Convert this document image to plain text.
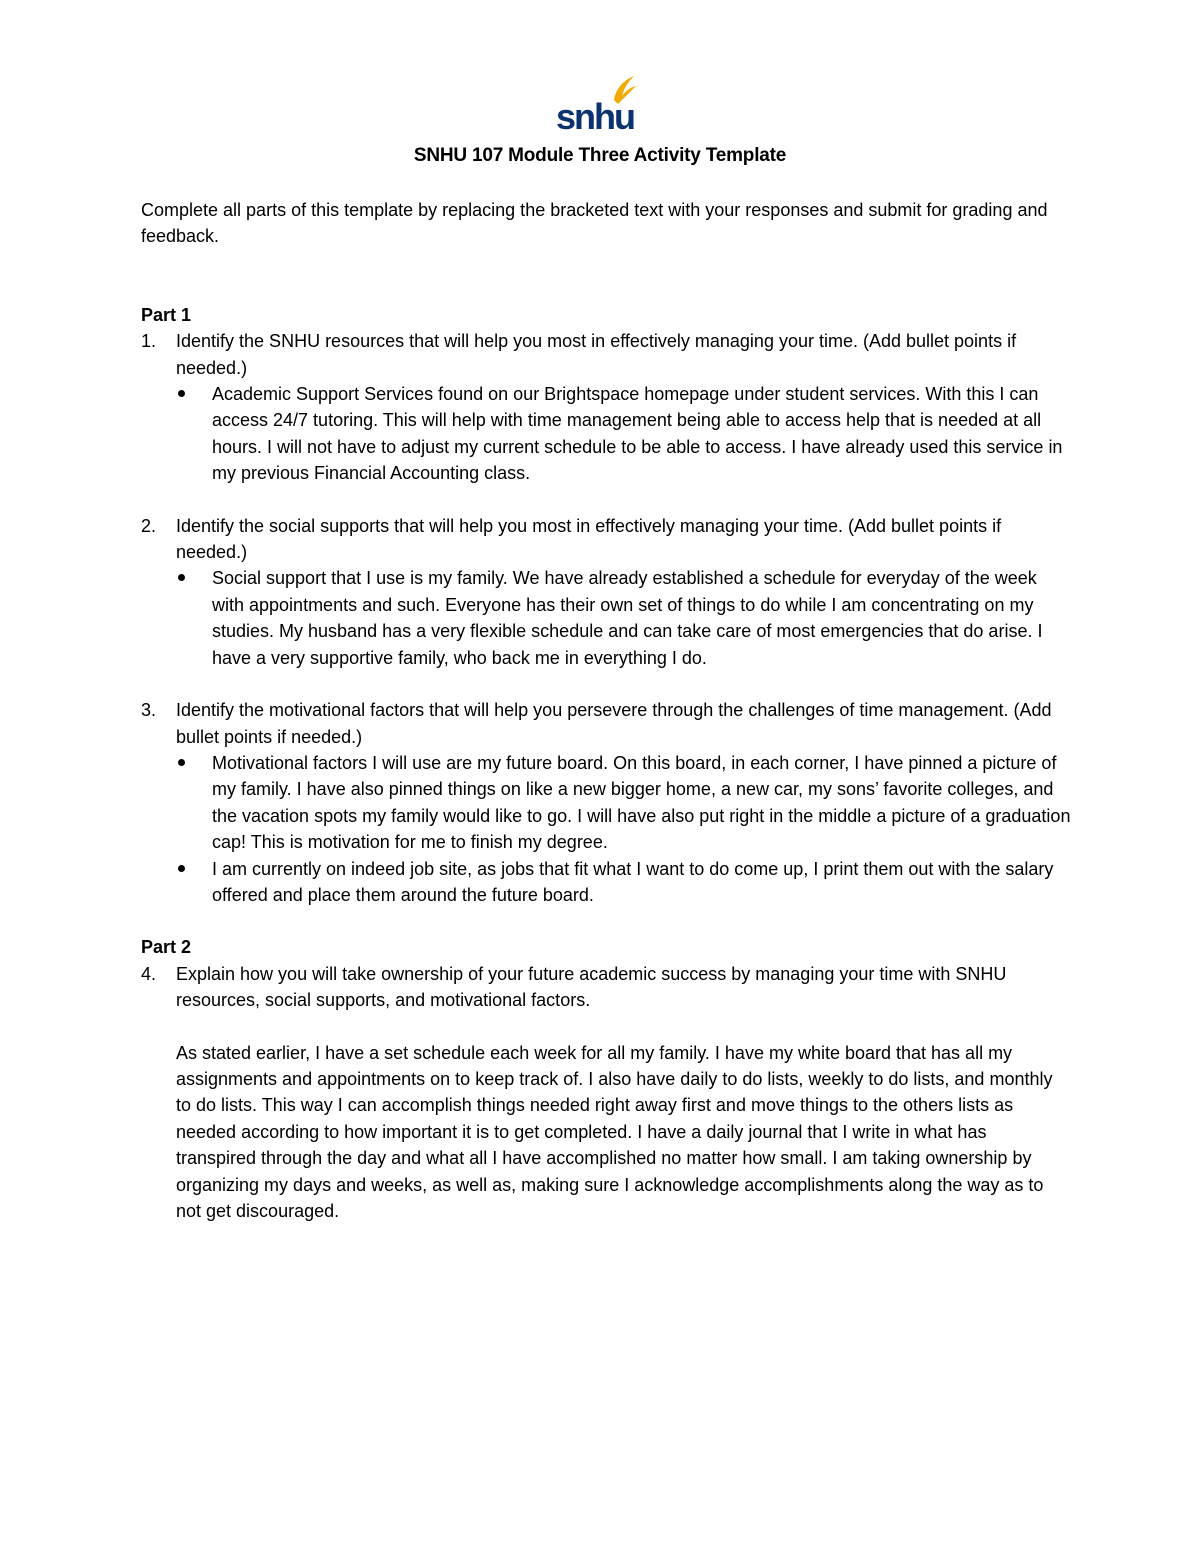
snhu
SNHU 107 Module Three Activity Template

Complete all parts of this template by replacing the bracketed text with your responses and submit for grading and feedback.

Part 1

1.	Identify the SNHU resources that will help you most in effectively managing your time. (Add bullet points if needed.)
Academic Support Services found on our Brightspace homepage under student services. With this I can access 24/7 tutoring. This will help with time management being able to access help that is needed at all hours. I will not have to adjust my current schedule to be able to access. I have already used this service in my previous Financial Accounting class.
2.	Identify the social supports that will help you most in effectively managing your time. (Add bullet points if needed.)
Social support that I use is my family. We have already established a schedule for everyday of the week with appointments and such. Everyone has their own set of things to do while I am concentrating on my studies. My husband has a very flexible schedule and can take care of most emergencies that do arise. I have a very supportive family, who back me in everything I do.
3.	Identify the motivational factors that will help you persevere through the challenges of time management. (Add bullet points if needed.)
Motivational factors I will use are my future board. On this board, in each corner, I have pinned a picture of my family. I have also pinned things on like a new bigger home, a new car, my sons’ favorite colleges, and the vacation spots my family would like to go. I will have also put right in the middle a picture of a graduation cap! This is motivation for me to finish my degree.
I am currently on indeed job site, as jobs that fit what I want to do come up, I print them out with the salary offered and place them around the future board.

Part 2

4.	Explain how you will take ownership of your future academic success by managing your time with SNHU resources, social supports, and motivational factors.

As stated earlier, I have a set schedule each week for all my family. I have my white board that has all my assignments and appointments on to keep track of. I also have daily to do lists, weekly to do lists, and monthly to do lists. This way I can accomplish things needed right away first and move things to the others lists as needed according to how important it is to get completed. I have a daily journal that I write in what has transpired through the day and what all I have accomplished no matter how small. I am taking ownership by organizing my days and weeks, as well as, making sure I acknowledge accomplishments along the way as to not get discouraged.
